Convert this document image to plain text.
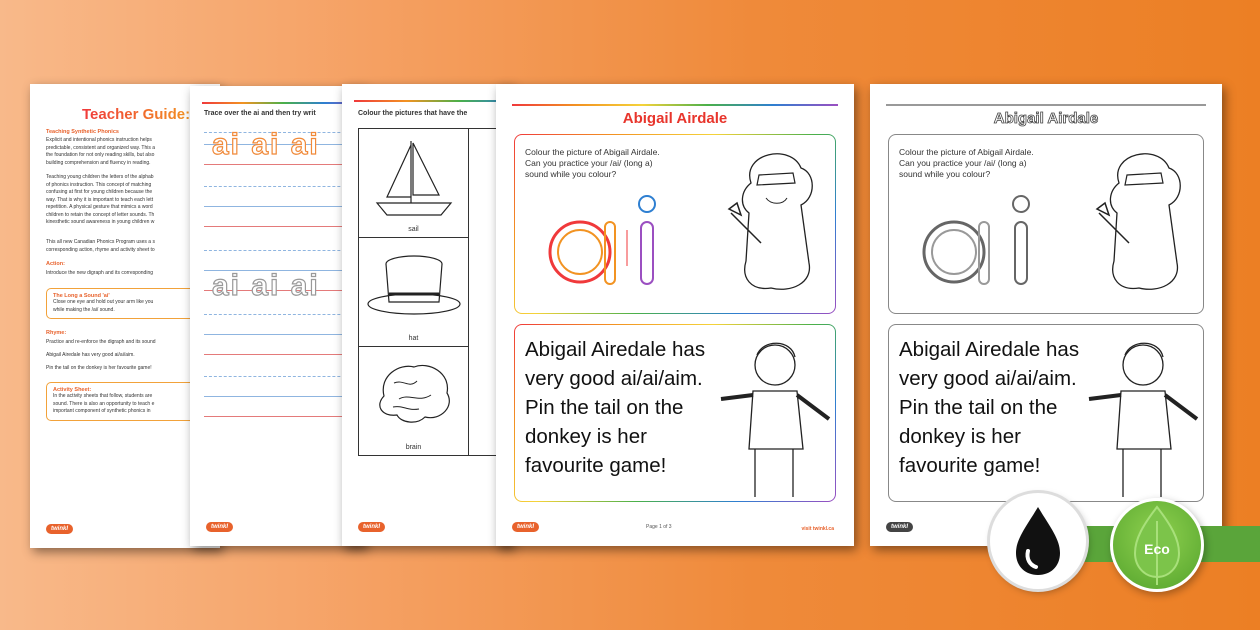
Teacher Guide:
Teaching Synthetic Phonics
Explicit and intentional phonics instruction helps
predictable, consistent and organized way. This a
the foundation for not only reading skills, but also
building comprehension and fluency in reading.
Teaching young children the letters of the alphab
of phonics instruction. This concept of matching
confusing at first for young children because the
way. That is why it is important to teach each lett
repetition. A physical gesture that mimics a word
children to retain the concept of letter sounds. Th
kinesthetic sound awareness in young children w
This all new Canadian Phonics Program uses a s
corresponding action, rhyme and activity sheet to
Action:
Introduce the new digraph and its corresponding
The Long a Sound 'ai'
Close one eye and hold out your arm like you
while making the /ai/ sound.
Rhyme:
Practice and re-enforce the digraph and its sound
Abigail Airedale has very good ai/ai/aim.
Pin the tail on the donkey is her favourite game!
Activity Sheet:
In the activity sheets that follow, students are
sound. There is also an opportunity to teach e
important component of synthetic phonics in
twinkl
Trace over the ai and then try writ
ai ai ai
ai ai ai
twinkl
Colour the pictures that have the
sail
hat
brain
twinkl
Abigail Airdale
Colour the picture of Abigail Airdale.
Can you practice your /ai/ (long a)
sound while you colour?
Abigail Airedale has
very good ai/ai/aim.
Pin the tail on the
donkey is her
favourite game!
twinkl	Page 1 of 3	visit twinkl.ca
Abigail Airdale
Colour the picture of Abigail Airdale.
Can you practice your /ai/ (long a)
sound while you colour?
Abigail Airedale has
very good ai/ai/aim.
Pin the tail on the
donkey is her
favourite game!
twinkl
Eco
